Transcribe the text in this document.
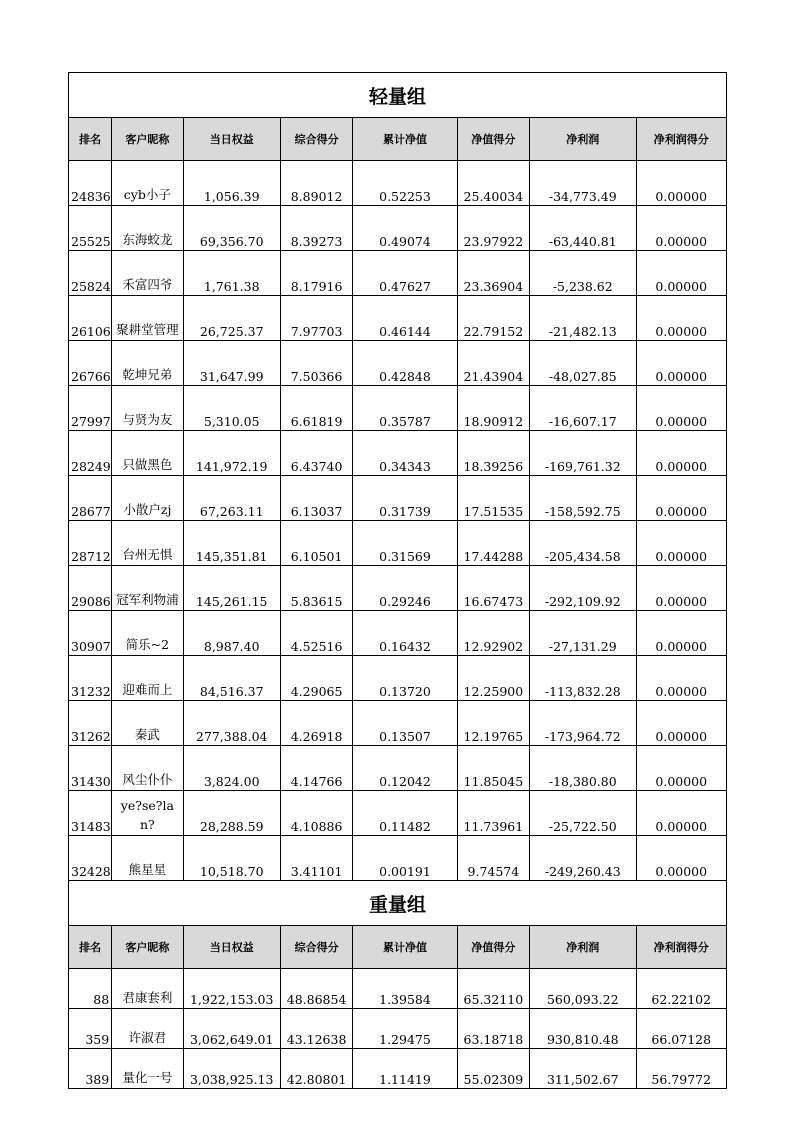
轻量组							
排名	客户昵称	当日权益	综合得分	累计净值	净值得分	净利润	净利润得分
24836	cyb小子	1,056.39	8.89012	0.52253	25.40034	-34,773.49	0.00000
25525	东海蛟龙	69,356.70	8.39273	0.49074	23.97922	-63,440.81	0.00000
25824	禾富四爷	1,761.38	8.17916	0.47627	23.36904	-5,238.62	0.00000
26106	聚耕堂管理	26,725.37	7.97703	0.46144	22.79152	-21,482.13	0.00000
26766	乾坤兄弟	31,647.99	7.50366	0.42848	21.43904	-48,027.85	0.00000
27997	与贤为友	5,310.05	6.61819	0.35787	18.90912	-16,607.17	0.00000
28249	只做黑色	141,972.19	6.43740	0.34343	18.39256	-169,761.32	0.00000
28677	小散户zj	67,263.11	6.13037	0.31739	17.51535	-158,592.75	0.00000
28712	台州无惧	145,351.81	6.10501	0.31569	17.44288	-205,434.58	0.00000
29086	冠军利物浦	145,261.15	5.83615	0.29246	16.67473	-292,109.92	0.00000
30907	简乐~2	8,987.40	4.52516	0.16432	12.92902	-27,131.29	0.00000
31232	迎难而上	84,516.37	4.29065	0.13720	12.25900	-113,832.28	0.00000
31262	秦武	277,388.04	4.26918	0.13507	12.19765	-173,964.72	0.00000
31430	风尘仆仆	3,824.00	4.14766	0.12042	11.85045	-18,380.80	0.00000
31483	ye?se?lan?	28,288.59	4.10886	0.11482	11.73961	-25,722.50	0.00000
32428	熊星星	10,518.70	3.41101	0.00191	9.74574	-249,260.43	0.00000
重量组							
排名	客户昵称	当日权益	综合得分	累计净值	净值得分	净利润	净利润得分
88	君康套利	1,922,153.03	48.86854	1.39584	65.32110	560,093.22	62.22102
359	许淑君	3,062,649.01	43.12638	1.29475	63.18718	930,810.48	66.07128
389	量化一号	3,038,925.13	42.80801	1.11419	55.02309	311,502.67	56.79772
